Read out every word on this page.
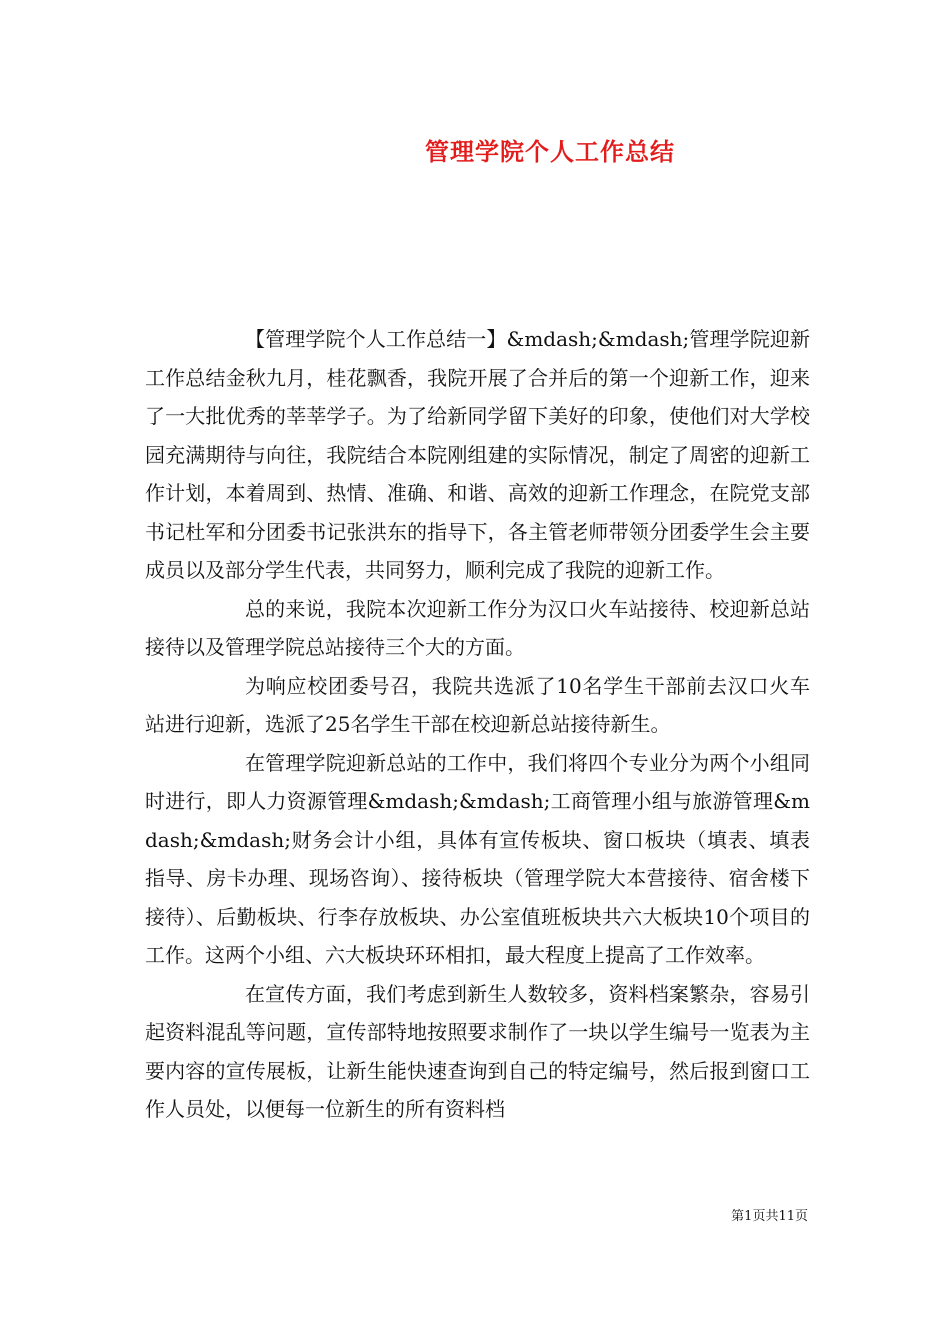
管理学院个人工作总结

【管理学院个人工作总结一】&mdash;&mdash;管理学院迎新工作总结金秋九月，桂花飘香，我院开展了合并后的第一个迎新工作，迎来了一大批优秀的莘莘学子。为了给新同学留下美好的印象，使他们对大学校园充满期待与向往，我院结合本院刚组建的实际情况，制定了周密的迎新工作计划，本着周到、热情、准确、和谐、高效的迎新工作理念，在院党支部书记杜军和分团委书记张洪东的指导下，各主管老师带领分团委学生会主要成员以及部分学生代表，共同努力，顺利完成了我院的迎新工作。

总的来说，我院本次迎新工作分为汉口火车站接待、校迎新总站接待以及管理学院总站接待三个大的方面。

为响应校团委号召，我院共选派了10名学生干部前去汉口火车站进行迎新，选派了25名学生干部在校迎新总站接待新生。

在管理学院迎新总站的工作中，我们将四个专业分为两个小组同时进行，即人力资源管理&mdash;&mdash;工商管理小组与旅游管理&mdash;&mdash;财务会计小组，具体有宣传板块、窗口板块（填表、填表指导、房卡办理、现场咨询）、接待板块（管理学院大本营接待、宿舍楼下接待）、后勤板块、行李存放板块、办公室值班板块共六大板块10个项目的工作。这两个小组、六大板块环环相扣，最大程度上提高了工作效率。

在宣传方面，我们考虑到新生人数较多，资料档案繁杂，容易引起资料混乱等问题，宣传部特地按照要求制作了一块以学生编号一览表为主要内容的宣传展板，让新生能快速查询到自己的特定编号，然后报到窗口工作人员处，以便每一位新生的所有资料档

第1页共11页
